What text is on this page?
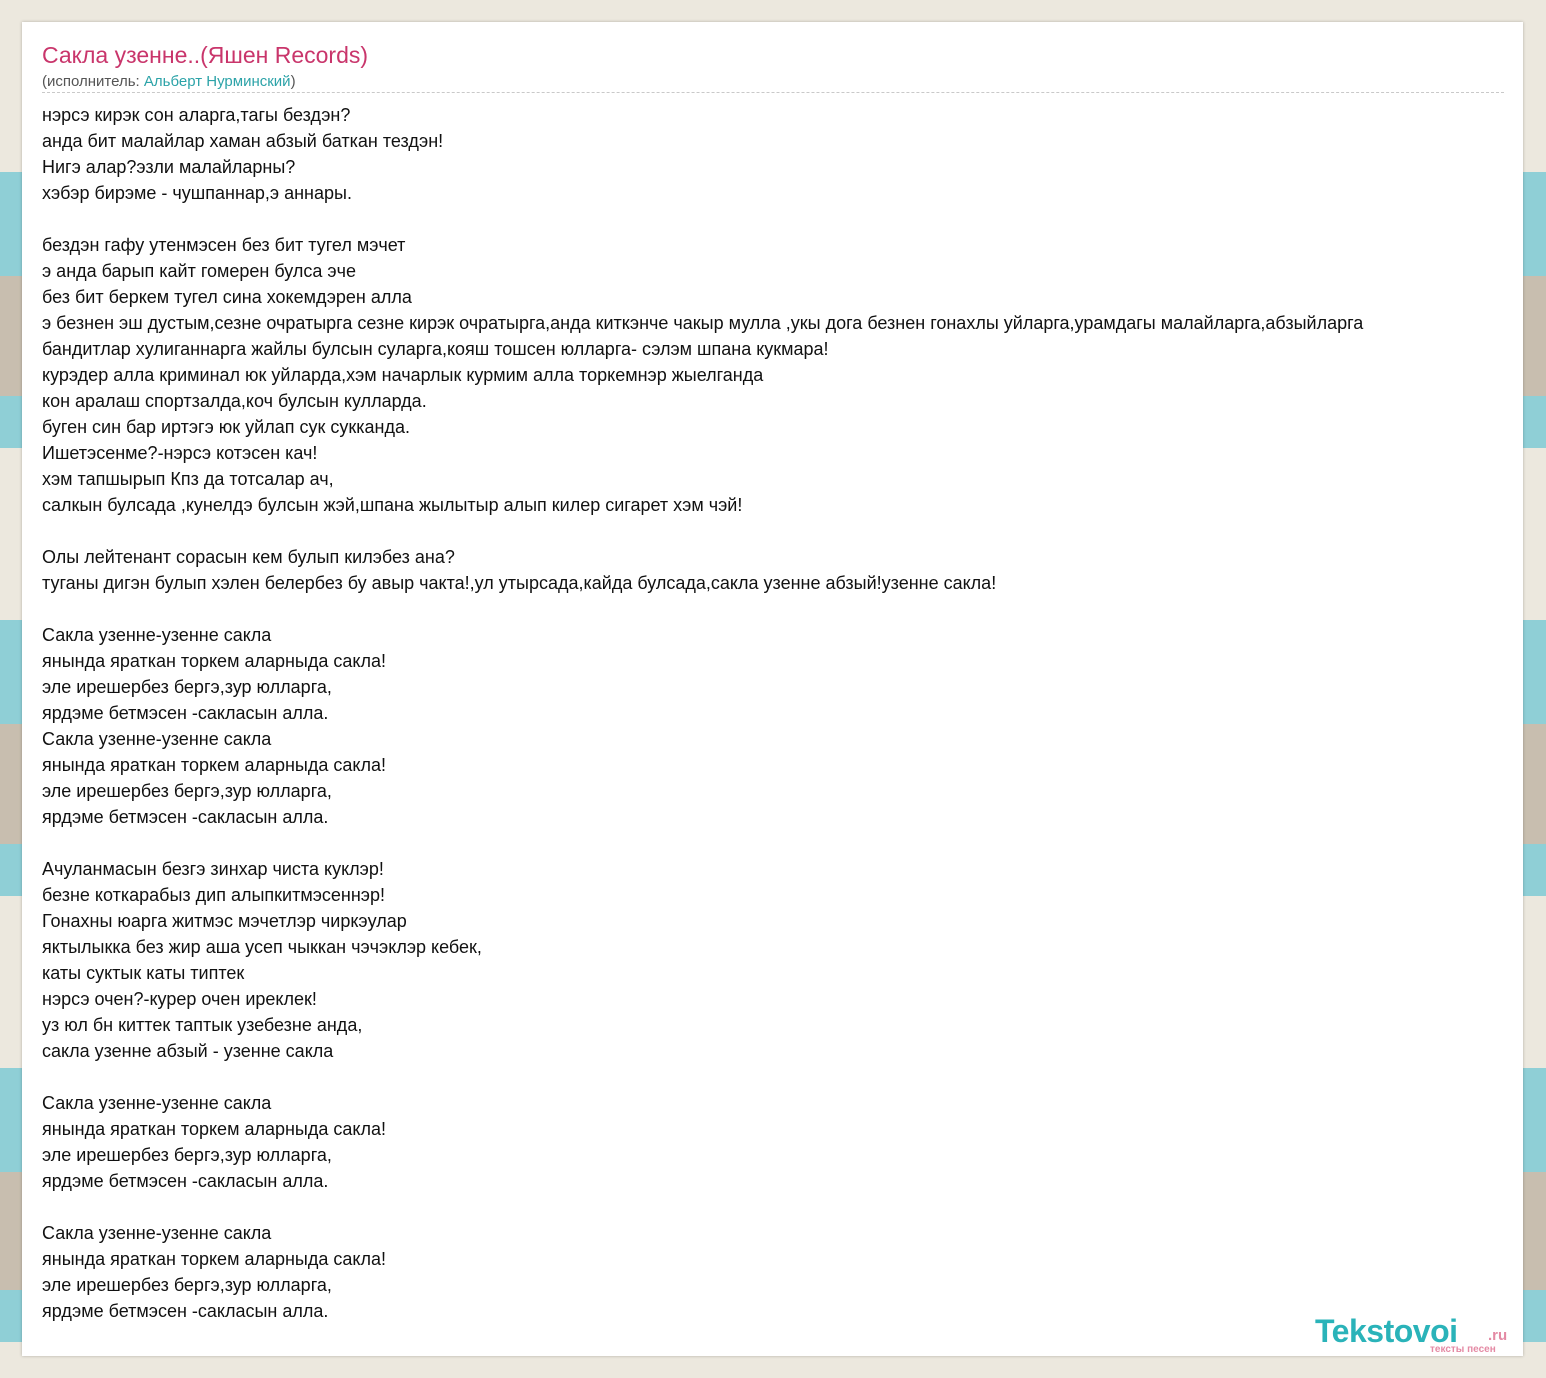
Сакла узенне..(Яшен Records)
(исполнитель: Альберт Нурминский)
нэрсэ кирэк сон аларга,тагы бездэн?
анда бит малайлар хаман абзый баткан тездэн!
Нигэ алар?эзли малайларны?
хэбэр бирэме - чушпаннар,э аннары.
бездэн гафу утенмэсен без бит тугел мэчет
э анда барып кайт гомерен булса эче
без бит беркем тугел сина хокемдэрен алла
э безнен эш дустым,сезне очратырга сезне кирэк очратырга,анда киткэнче чакыр мулла ,укы дога безнен гонахлы уйларга,урамдагы малайларга,абзыйларга
бандитлар хулиганнарга жайлы булсын суларга,кояш тошсен юлларга- сэлэм шпана кукмара!
курэдер алла криминал юк уйларда,хэм начарлык курмим алла торкемнэр жыелганда
кон аралаш спортзалда,коч булсын кулларда.
буген син бар иртэгэ юк уйлап сук сукканда.
Ишетэсенме?-нэрсэ котэсен кач!
хэм тапшырып Кпз да тотсалар ач,
салкын булсада ,кунелдэ булсын жэй,шпана жылытыр алып килер сигарет хэм чэй!
Олы лейтенант сорасын кем булып килэбез ана?
туганы дигэн булып хэлен белербез бу авыр чакта!,ул утырсада,кайда булсада,сакла узенне абзый!узенне сакла!
Сакла узенне-узенне сакла
янында яраткан торкем аларныда сакла!
эле ирешербез бергэ,зур юлларга,
ярдэме бетмэсен -сакласын алла.
Сакла узенне-узенне сакла
янында яраткан торкем аларныда сакла!
эле ирешербез бергэ,зур юлларга,
ярдэме бетмэсен -сакласын алла.
Ачуланмасын безгэ зинхар чиста куклэр!
безне коткарабыз дип алыпкитмэсеннэр!
Гонахны юарга житмэс мэчетлэр чиркэулар
яктылыкка без жир аша усеп чыккан чэчэклэр кебек,
каты суктык каты типтек
нэрсэ очен?-курер очен иреклек!
уз юл бн киттек таптык узебезне анда,
сакла узенне абзый - узенне сакла
Сакла узенне-узенне сакла
янында яраткан торкем аларныда сакла!
эле ирешербез бергэ,зур юлларга,
ярдэме бетмэсен -сакласын алла.
Сакла узенне-узенне сакла
янында яраткан торкем аларныда сакла!
эле ирешербез бергэ,зур юлларга,
ярдэме бетмэсен -сакласын алла.
Tekstovoi .ru
тексты песен
